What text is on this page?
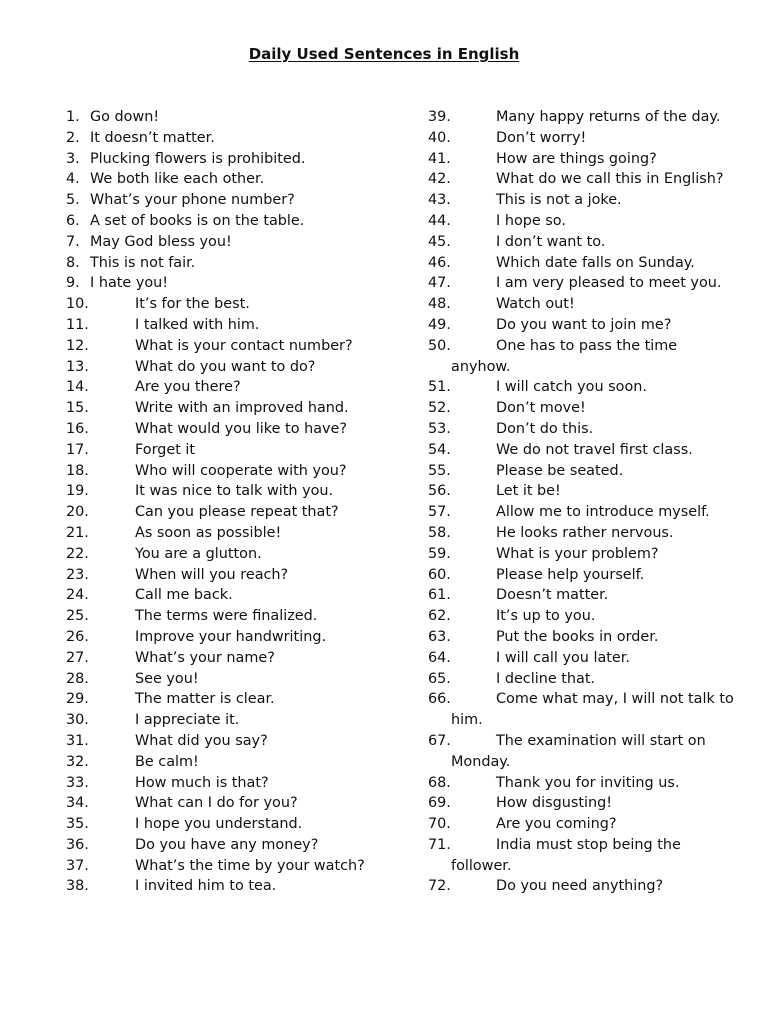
Daily Used Sentences in English
1. Go down!
2. It doesn’t matter.
3. Plucking flowers is prohibited.
4. We both like each other.
5. What’s your phone number?
6. A set of books is on the table.
7. May God bless you!
8. This is not fair.
9. I hate you!
10.	It’s for the best.
11.	I talked with him.
12.	What is your contact number?
13.	What do you want to do?
14.	Are you there?
15.	Write with an improved hand.
16.	What would you like to have?
17.	Forget it
18.	Who will cooperate with you?
19.	It was nice to talk with you.
20.	Can you please repeat that?
21.	As soon as possible!
22.	You are a glutton.
23.	When will you reach?
24.	Call me back.
25.	The terms were finalized.
26.	Improve your handwriting.
27.	What’s your name?
28.	See you!
29.	The matter is clear.
30.	I appreciate it.
31.	What did you say?
32.	Be calm!
33.	How much is that?
34.	What can I do for you?
35.	I hope you understand.
36.	Do you have any money?
37.	What’s the time by your watch?
38.	I invited him to tea.
39.	Many happy returns of the day.
40.	Don’t worry!
41.	How are things going?
42.	What do we call this in English?
43.	This is not a joke.
44.	I hope so.
45.	I don’t want to.
46.	Which date falls on Sunday.
47.	I am very pleased to meet you.
48.	Watch out!
49.	Do you want to join me?
50.	One has to pass the time anyhow.
51.	I will catch you soon.
52.	Don’t move!
53.	Don’t do this.
54.	We do not travel first class.
55.	Please be seated.
56.	Let it be!
57.	Allow me to introduce myself.
58.	He looks rather nervous.
59.	What is your problem?
60.	Please help yourself.
61.	Doesn’t matter.
62.	It’s up to you.
63.	Put the books in order.
64.	I will call you later.
65.	I decline that.
66.	Come what may, I will not talk to him.
67.	The examination will start on Monday.
68.	Thank you for inviting us.
69.	How disgusting!
70.	Are you coming?
71.	India must stop being the follower.
72.	Do you need anything?
